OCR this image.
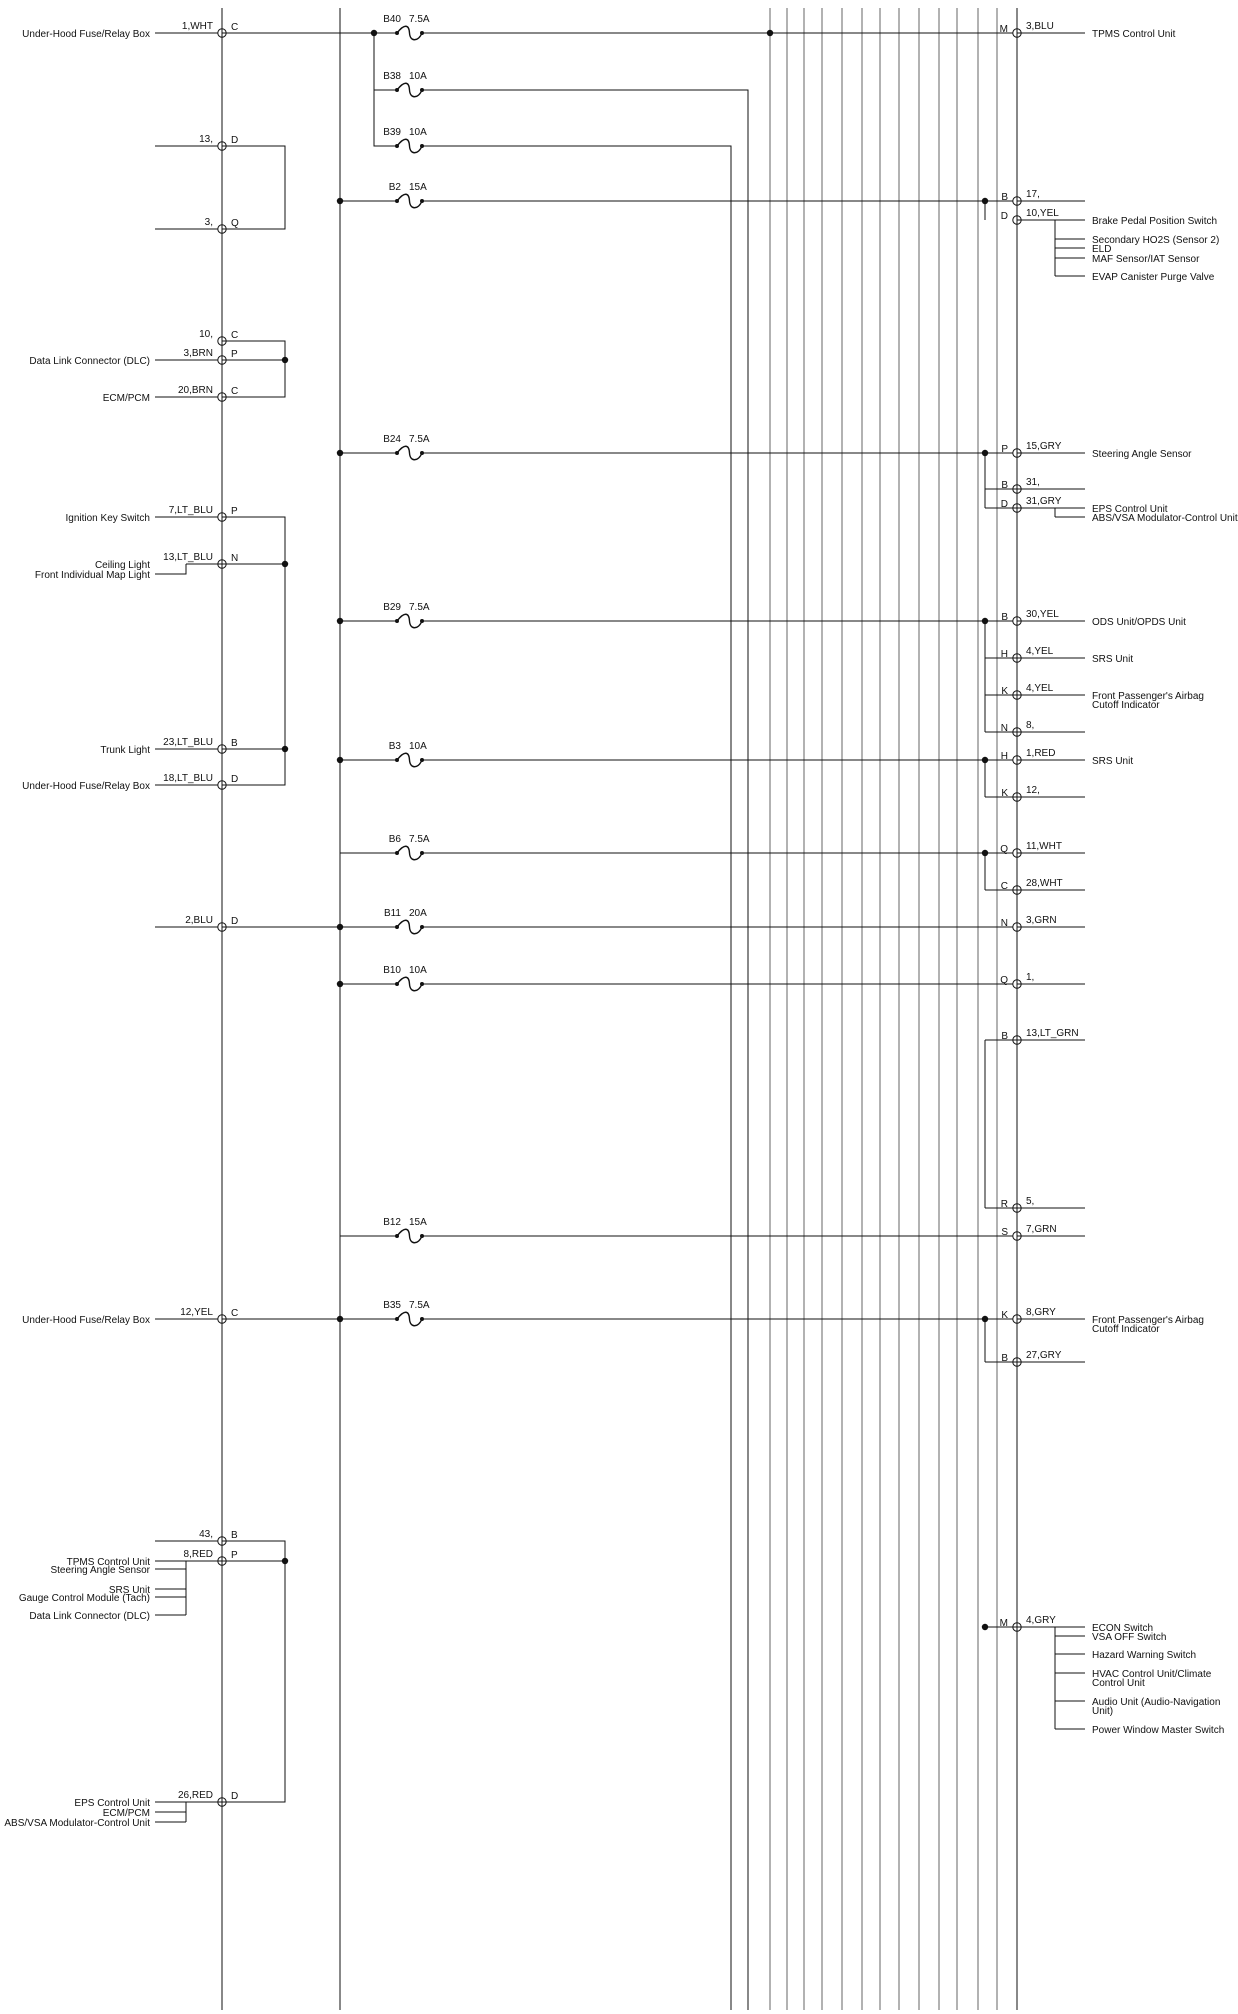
1,WHT C
Under-Hood Fuse/Relay Box
13, D
3, Q
10, C
3,BRN P
Data Link Connector (DLC)
20,BRN C
ECM/PCM
7,LT_BLU P
Ignition Key Switch
13,LT_BLU N
23,LT_BLU B
Trunk Light
18,LT_BLU D
Under-Hood Fuse/Relay Box
2,BLU D
12,YEL C
Under-Hood Fuse/Relay Box
43, B
8,RED P
26,RED D
Ceiling Light
Front Individual Map Light
TPMS Control Unit
Steering Angle Sensor
SRS Unit
Gauge Control Module (Tach)
Data Link Connector (DLC)
EPS Control Unit
ECM/PCM
ABS/VSA Modulator-Control Unit
B40 7.5A
B38 10A
B39 10A
B2 15A
B24 7.5A
B29 7.5A
B3 10A
B6 7.5A
B11 20A
B10 10A
B12 15A
B35 7.5A
M 3,BLU
B 17,
D 10,YEL
P 15,GRY
B 31,
D 31,GRY
B 30,YEL
H 4,YEL
K 4,YEL
N 8,
H 1,RED
K 12,
Q 11,WHT
C 28,WHT
N 3,GRN
Q 1,
B 13,LT_GRN
R 5,
S 7,GRN
K 8,GRY
B 27,GRY
M 4,GRY
TPMS Control Unit
Brake Pedal Position Switch
Secondary HO2S (Sensor 2)
ELD
MAF Sensor/IAT Sensor
EVAP Canister Purge Valve
Steering Angle Sensor
EPS Control Unit
ABS/VSA Modulator-Control Unit
ODS Unit/OPDS Unit
SRS Unit
Front Passenger's Airbag
Cutoff Indicator
SRS Unit
Front Passenger's Airbag
Cutoff Indicator
ECON Switch
VSA OFF Switch
Hazard Warning Switch
HVAC Control Unit/Climate
Control Unit
Audio Unit (Audio-Navigation
Unit)
Power Window Master Switch
